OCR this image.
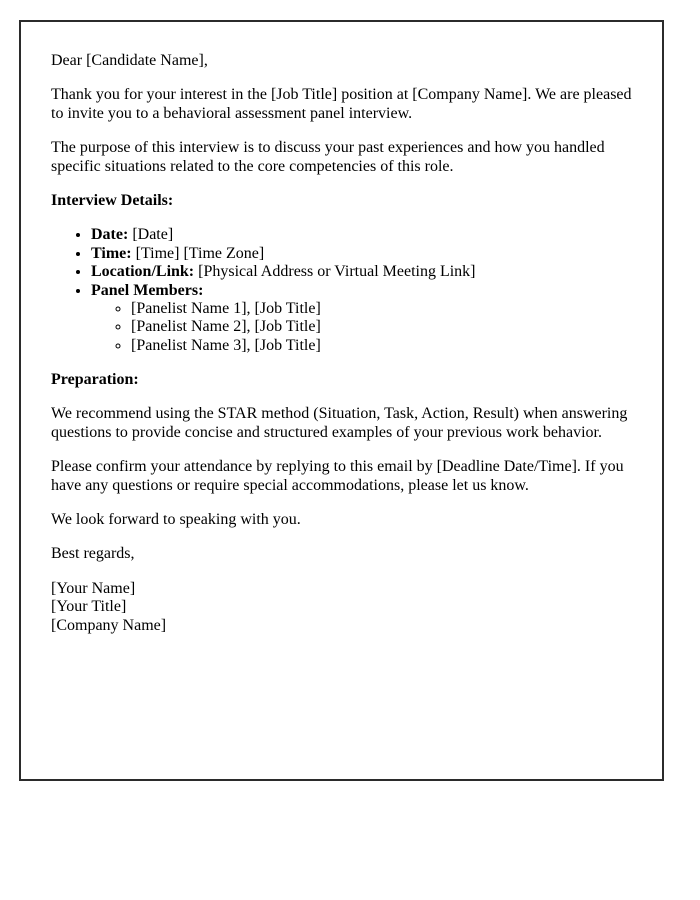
Dear [Candidate Name],

Thank you for your interest in the [Job Title] position at [Company Name]. We are pleased
to invite you to a behavioral assessment panel interview.

The purpose of this interview is to discuss your past experiences and how you handled
specific situations related to the core competencies of this role.

Interview Details:

• Date: [Date]
• Time: [Time] [Time Zone]
• Location/Link: [Physical Address or Virtual Meeting Link]
• Panel Members:
◦ [Panelist Name 1], [Job Title]
◦ [Panelist Name 2], [Job Title]
◦ [Panelist Name 3], [Job Title]

Preparation:

We recommend using the STAR method (Situation, Task, Action, Result) when answering
questions to provide concise and structured examples of your previous work behavior.

Please confirm your attendance by replying to this email by [Deadline Date/Time]. If you
have any questions or require special accommodations, please let us know.

We look forward to speaking with you.

Best regards,

[Your Name]
[Your Title]
[Company Name]
